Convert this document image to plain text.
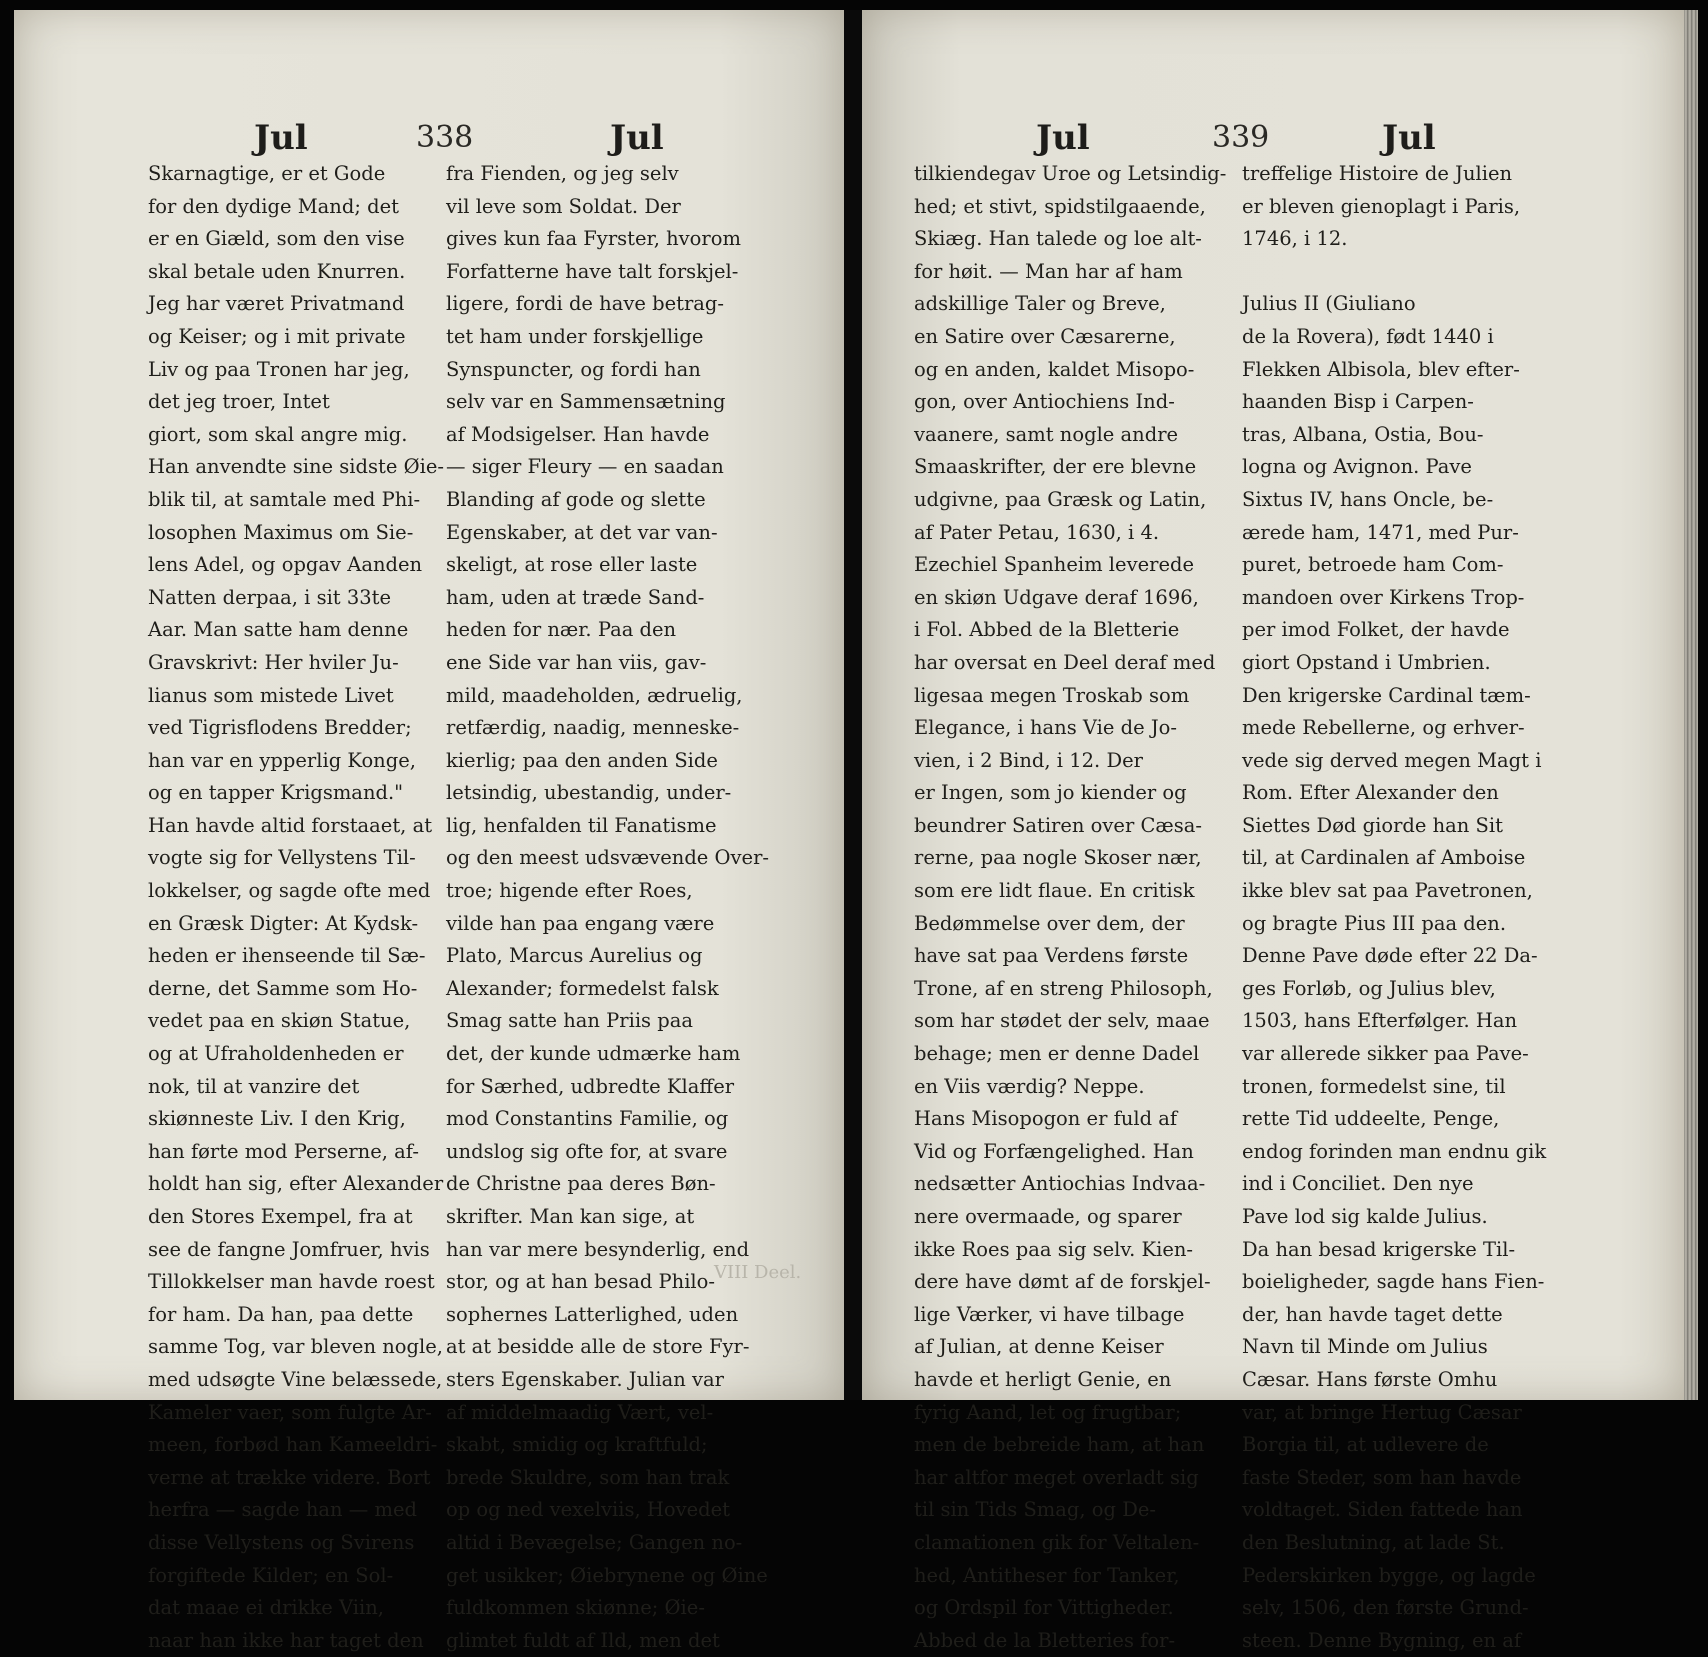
Jul	338	Jul
Skarnagtige, er et Gode
for den dydige Mand; det
er en Giæld, som den vise
skal betale uden Knurren.
Jeg har været Privatmand
og Keiser; og i mit private
Liv og paa Tronen har jeg,
det jeg troer, Intet
giort, som skal angre mig.
Han anvendte sine sidste Øie-
blik til, at samtale med Phi-
losophen Maximus om Sie-
lens Adel, og opgav Aanden
Natten derpaa, i sit 33te
Aar. Man satte ham denne
Gravskrivt: Her hviler Ju-
lianus som mistede Livet
ved Tigrisflodens Bredder;
han var en ypperlig Konge,
og en tapper Krigsmand."
Han havde altid forstaaet, at
vogte sig for Vellystens Til-
lokkelser, og sagde ofte med
en Græsk Digter: At Kydsk-
heden er ihenseende til Sæ-
derne, det Samme som Ho-
vedet paa en skiøn Statue,
og at Ufraholdenheden er
nok, til at vanzire det
skiønneste Liv. I den Krig,
han førte mod Perserne, af-
holdt han sig, efter Alexander
den Stores Exempel, fra at
see de fangne Jomfruer, hvis
Tillokkelser man havde roest
for ham. Da han, paa dette
samme Tog, var bleven nogle,
med udsøgte Vine belæssede,
Kameler vaer, som fulgte Ar-
meen, forbød han Kameeldri-
verne at trække videre. Bort
herfra — sagde han — med
disse Vellystens og Svirens
forgiftede Kilder; en Sol-
dat maae ei drikke Viin,
naar han ikke har taget den
fra Fienden, og jeg selv
vil leve som Soldat. Der
gives kun faa Fyrster, hvorom
Forfatterne have talt forskjel-
ligere, fordi de have betrag-
tet ham under forskjellige
Synspuncter, og fordi han
selv var en Sammensætning
af Modsigelser. Han havde
— siger Fleury — en saadan
Blanding af gode og slette
Egenskaber, at det var van-
skeligt, at rose eller laste
ham, uden at træde Sand-
heden for nær. Paa den
ene Side var han viis, gav-
mild, maadeholden, ædruelig,
retfærdig, naadig, menneske-
kierlig; paa den anden Side
letsindig, ubestandig, under-
lig, henfalden til Fanatisme
og den meest udsvævende Over-
troe; higende efter Roes,
vilde han paa engang være
Plato, Marcus Aurelius og
Alexander; formedelst falsk
Smag satte han Priis paa
det, der kunde udmærke ham
for Særhed, udbredte Klaffer
mod Constantins Familie, og
undslog sig ofte for, at svare
de Christne paa deres Bøn-
skrifter. Man kan sige, at
han var mere besynderlig, end
stor, og at han besad Philo-
sophernes Latterlighed, uden
at at besidde alle de store Fyr-
sters Egenskaber. Julian var
af middelmaadig Vært, vel-
skabt, smidig og kraftfuld;
brede Skuldre, som han trak
op og ned vexelviis, Hovedet
altid i Bevægelse; Gangen no-
get usikker; Øiebrynene og Øine
fuldkommen skiønne; Øie-
glimtet fuldt af Ild, men det
VIII Deel.
Jul	339	Jul
tilkiendegav Uroe og Letsindig-
hed; et stivt, spidstilgaaende,
Skiæg. Han talede og loe alt-
for høit. — Man har af ham
adskillige Taler og Breve,
en Satire over Cæsarerne,
og en anden, kaldet Misopo-
gon, over Antiochiens Ind-
vaanere, samt nogle andre
Smaaskrifter, der ere blevne
udgivne, paa Græsk og Latin,
af Pater Petau, 1630, i 4.
Ezechiel Spanheim leverede
en skiøn Udgave deraf 1696,
i Fol. Abbed de la Bletterie
har oversat en Deel deraf med
ligesaa megen Troskab som
Elegance, i hans Vie de Jo-
vien, i 2 Bind, i 12. Der
er Ingen, som jo kiender og
beundrer Satiren over Cæsa-
rerne, paa nogle Skoser nær,
som ere lidt flaue. En critisk
Bedømmelse over dem, der
have sat paa Verdens første
Trone, af en streng Philosoph,
som har stødet der selv, maae
behage; men er denne Dadel
en Viis værdig? Neppe.
Hans Misopogon er fuld af
Vid og Forfængelighed. Han
nedsætter Antiochias Indvaa-
nere overmaade, og sparer
ikke Roes paa sig selv. Kien-
dere have dømt af de forskjel-
lige Værker, vi have tilbage
af Julian, at denne Keiser
havde et herligt Genie, en
fyrig Aand, let og frugtbar;
men de bebreide ham, at han
har altfor meget overladt sig
til sin Tids Smag, og De-
clamationen gik for Veltalen-
hed, Antitheser for Tanker,
og Ordspil for Vittigheder.
Abbed de la Bletteries for-
treffelige Histoire de Julien
er bleven gienoplagt i Paris,
1746, i 12.
Julius II (Giuliano
de la Rovera), født 1440 i
Flekken Albisola, blev efter-
haanden Bisp i Carpen-
tras, Albana, Ostia, Bou-
logna og Avignon. Pave
Sixtus IV, hans Oncle, be-
ærede ham, 1471, med Pur-
puret, betroede ham Com-
mandoen over Kirkens Trop-
per imod Folket, der havde
giort Opstand i Umbrien.
Den krigerske Cardinal tæm-
mede Rebellerne, og erhver-
vede sig derved megen Magt i
Rom. Efter Alexander den
Siettes Død giorde han Sit
til, at Cardinalen af Amboise
ikke blev sat paa Pavetronen,
og bragte Pius III paa den.
Denne Pave døde efter 22 Da-
ges Forløb, og Julius blev,
1503, hans Efterfølger. Han
var allerede sikker paa Pave-
tronen, formedelst sine, til
rette Tid uddeelte, Penge,
endog forinden man endnu gik
ind i Conciliet. Den nye
Pave lod sig kalde Julius.
Da han besad krigerske Til-
boieligheder, sagde hans Fien-
der, han havde taget dette
Navn til Minde om Julius
Cæsar. Hans første Omhu
var, at bringe Hertug Cæsar
Borgia til, at udlevere de
faste Steder, som han havde
voldtaget. Siden fattede han
den Beslutning, at lade St.
Pederskirken bygge, og lagde
selv, 1506, den første Grund-
steen. Denne Bygning, en af
